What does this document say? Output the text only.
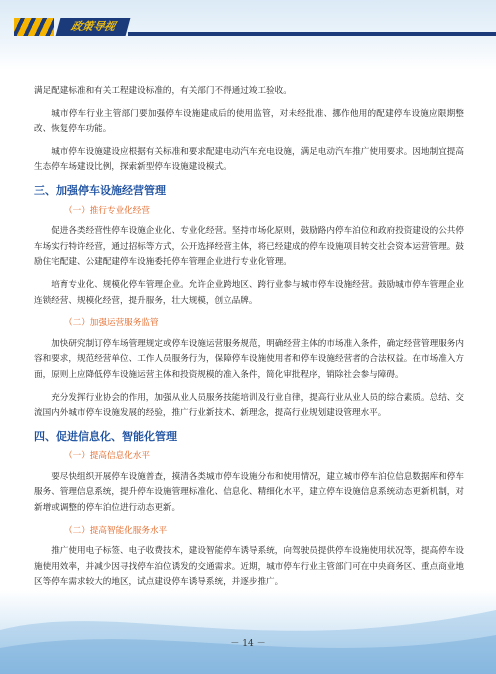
政策导视

满足配建标准和有关工程建设标准的，有关部门不得通过竣工验收。

城市停车行业主管部门要加强停车设施建成后的使用监管，对未经批准、挪作他用的配建停车设施应限期整改、恢复停车功能。

城市停车设施建设应根据有关标准和要求配建电动汽车充电设施，满足电动汽车推广使用要求。因地制宜提高生态停车场建设比例，探索新型停车设施建设模式。

三、加强停车设施经营管理
（一）推行专业化经营

促进各类经营性停车设施企业化、专业化经营。坚持市场化原则，鼓励路内停车泊位和政府投资建设的公共停车场实行特许经营，通过招标等方式，公开选择经营主体，将已经建成的停车设施项目转交社会资本运营管理。鼓励住宅配建、公建配建停车设施委托停车管理企业进行专业化管理。

培育专业化、规模化停车管理企业。允许企业跨地区、跨行业参与城市停车设施经营。鼓励城市停车管理企业连锁经营、规模化经营，提升服务，壮大规模，创立品牌。

（二）加强运营服务监管

加快研究制订停车场管理规定或停车设施运营服务规范，明确经营主体的市场准入条件，确定经营管理服务内容和要求，规范经营单位、工作人员服务行为，保障停车设施使用者和停车设施经营者的合法权益。在市场准入方面，原则上应降低停车设施运营主体和投资规模的准入条件，简化审批程序，销除社会参与障碍。

充分发挥行业协会的作用，加强从业人员服务技能培训及行业自律，提高行业从业人员的综合素质。总结、交流国内外城市停车设施发展的经验，推广行业新技术、新理念，提高行业规划建设管理水平。

四、促进信息化、智能化管理
（一）提高信息化水平

要尽快组织开展停车设施普查，摸清各类城市停车设施分布和使用情况，建立城市停车泊位信息数据库和停车服务、管理信息系统，提升停车设施管理标准化、信息化、精细化水平，建立停车设施信息系统动态更新机制，对新增或调整的停车泊位进行动态更新。

（二）提高智能化服务水平

推广使用电子标签、电子收费技术，建设智能停车诱导系统，向驾驶员提供停车设施使用状况等，提高停车设施使用效率，并减少因寻找停车泊位诱发的交通需求。近期，城市停车行业主管部门可在中央商务区、重点商业地区等停车需求较大的地区，试点建设停车诱导系统，并逐步推广。

－ 14 －
